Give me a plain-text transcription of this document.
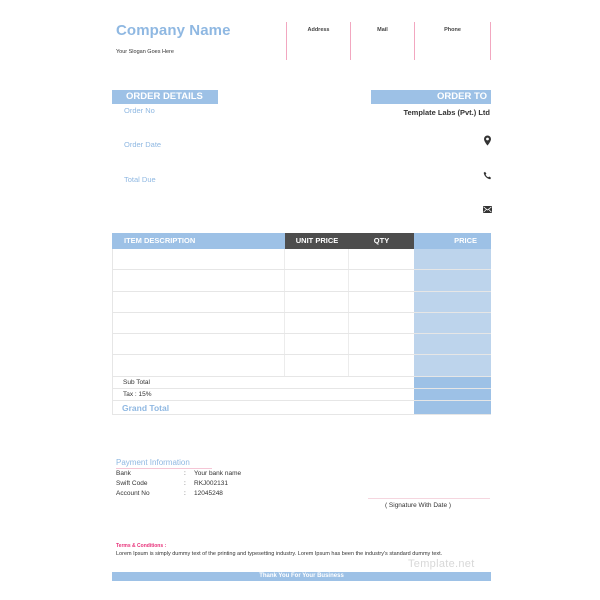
Company Name
Your Slogan Goes Here
Address	Mail	Phone
ORDER DETAILS
Order No
Order Date
Total Due
ORDER TO
Template Labs (Pvt.) Ltd
ITEM DESCRIPTION	UNIT PRICE	QTY	PRICE
Sub Total
Tax : 15%
Grand Total
Payment Information
Bank	:	Your bank name
Swift Code	:	RKJ002131
Account No	:	12045248
( Signature With Date )
Terms & Conditions :
Lorem Ipsum is simply dummy text of the printing and typesetting industry. Lorem Ipsum has been the industry's standard dummy text.
Template.net
Thank You For Your Business
